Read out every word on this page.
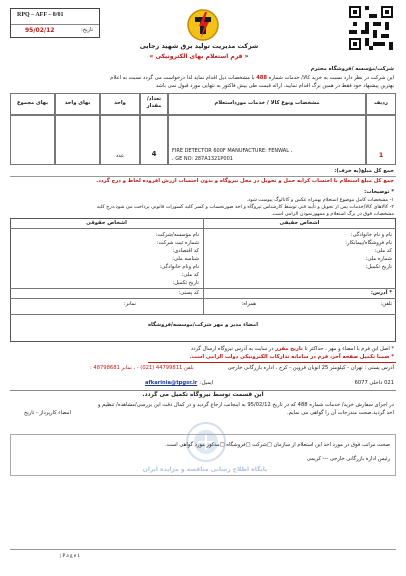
RPQ – AFF – 8/01
تاریخ:
95/02/12
شرکت مدیریت تولید برق شهید رجایی
« فرم استعلام بهای الکترونیکی »
شرکت/مؤسسه /فروشگاه محترم
این شرکت در نظر دارد نسبت به خرید کالا/ خدمات شماره 488 با مشخصات ذیل اقدام نماید لذا درخواست می گردد نسبت به اعلام
بهترین پیشنهاد خود فقط در همین برگ اقدام نمایید. ارائه قیمت طی پیش فاکتور به تنهایی مورد قبول نمی باشد
ردیف
مشخصات ونوع کالا / خدمات مورداستعلام
تعداد/ مقدار
واحد
بهای واحد
بهای مجموع
1
FIRE DETECTOR 600F MANUFACTURE: FENWAL ،
، GE NO: 287A1321P001
4
عدد
جمع کل مبلغ(به حرف):
جمع کل مبلغ استعلام با احتساب کرایه حمل و تحویل در محل نیروگاه و بدون احتساب ارزش افزوده لحاظ و درج گردد.
* توضیحات:
۱- مشخصات کامل موضوع استعلام بهمراه عکس و کاتالوگ پیوست شود.
۲- کالاهای کالا/خدمات پس از تحویل و تأیید فنی توسط کارشناس نیروگاه و اخذ صورتحساب و کسر کلیه کسورات قانونی پرداخت می شود.درج کلیه
مشخصات فوق در برگ استعلام و ممهورنمودن الزامی است.
اشخاص حقوقی	اشخاص حقیقی
نام مؤسسه/شرکت:
شماره ثبت شرکت:
کد اقتصادی:
شناسه ملی:
نام ونام خانوادگی:
کد ملی:
تاریخ تکمیل:
نام و نام خانوادگی:
نام فروشگاه/پیمانکار:
کد ملی:
شماره ملی:
تاریخ تکمیل:
* آدرس:
کد پستی:
تلفن:
همراه:
نمابر:
امضاء مدیر و مهر شرکت/موسسه/فروشگاه
* اصل این فرم با امضاء و مهر ، حداکثر تا تاریخ مقرر در سایت به آدرس نیروگاه ارسال گردد
* ضمنا تکمیل صفحه آخر، فرم در سامانه تدارکات الکترونیکی دولت الزامی است.
آدرس پستی : تهران - کیلومتر 25 اتوبان قزوین - کرج ، اداره بازرگانی خارجی
تلفن 44799811 (021) - ، نمابر 48798681 :
021 داخلی 6077
afkarinia@tpgsr.ir ایمیل:
این قسمت توسط نیروگاه تکمیل می گردد.
در اجرای سفارش خرید/ خدمات شماره 488 که در تاریخ 95/02/12 به اینجانب ارجاع گردید و در کمال دقت این بررسی/مشاهده/ تنظیم و
اخذ گردید.صحت مندرجات آن را گواهی می نمایم.
امضاء کارپرداز - تاریخ
پایگاه اطلاع رسانی مناقصه و مزایده ایران
صحت مراتب فوق در مورد اخذ این استعلام از سازمان □شرکت □فروشگاه □مذکور مورد گواهی است.
رئیس اداره بازرگانی خارجی --- کریمی
| P a g e 1
